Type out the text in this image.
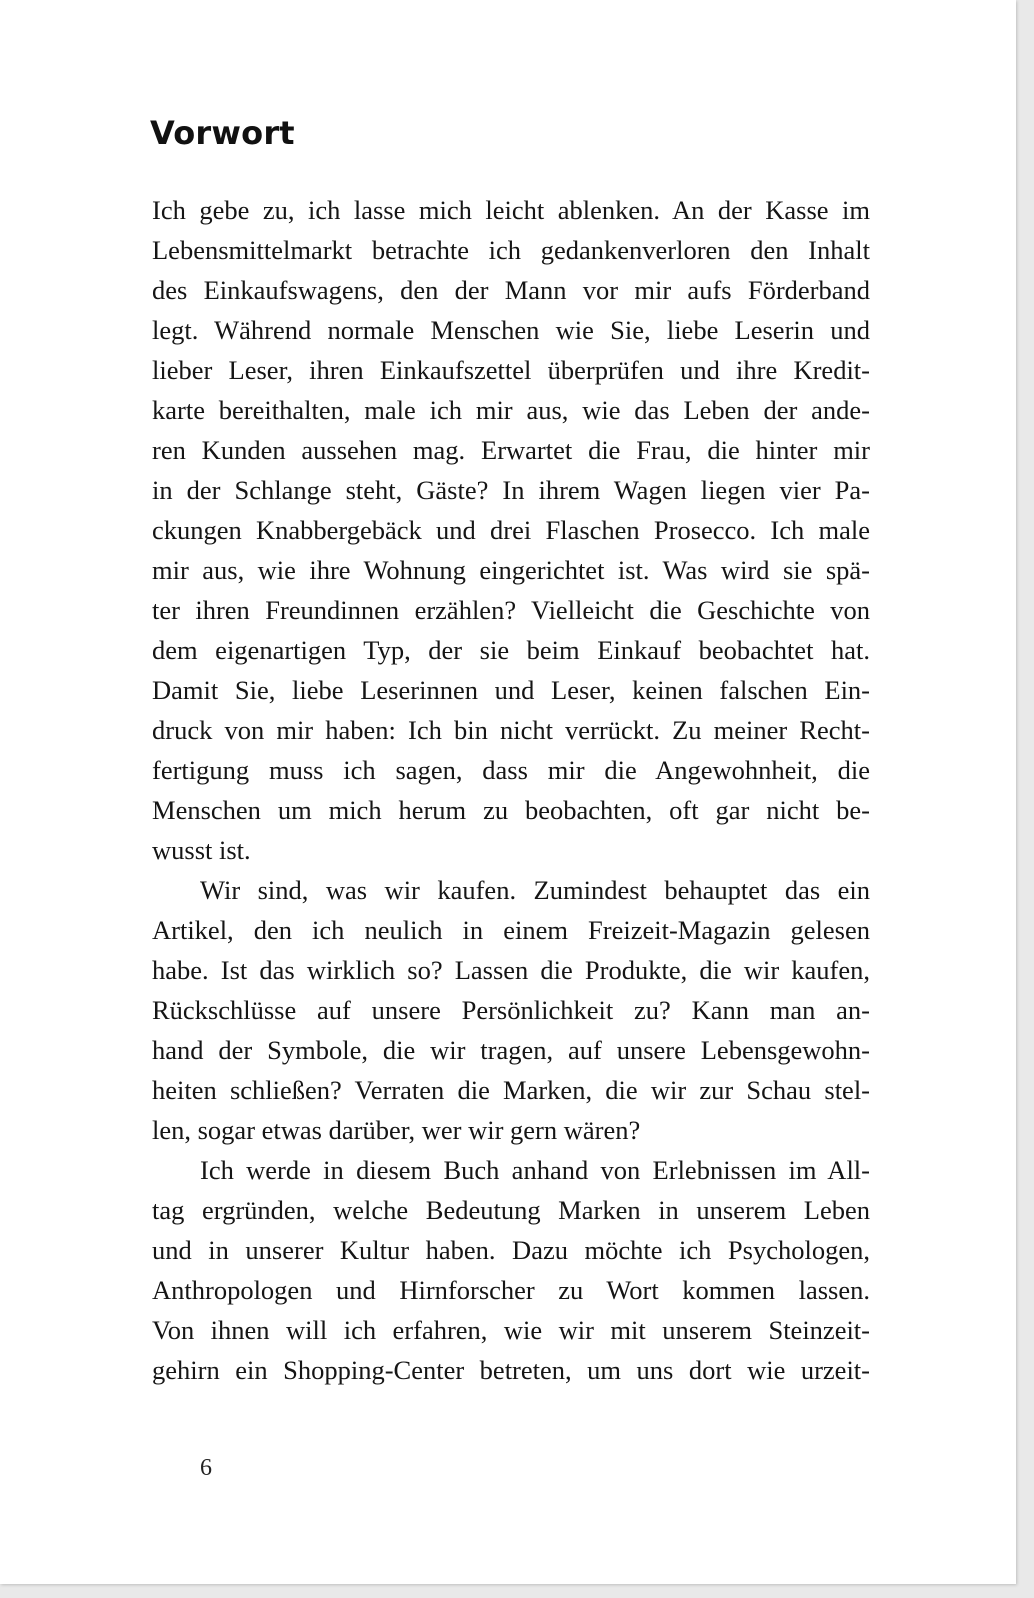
Vorwort
Ich gebe zu, ich lasse mich leicht ablenken. An der Kasse im
Lebensmittelmarkt betrachte ich gedankenverloren den Inhalt
des Einkaufswagens, den der Mann vor mir aufs Förderband
legt. Während normale Menschen wie Sie, liebe Leserin und
lieber Leser, ihren Einkaufszettel überprüfen und ihre Kredit-
karte bereithalten, male ich mir aus, wie das Leben der ande-
ren Kunden aussehen mag. Erwartet die Frau, die hinter mir
in der Schlange steht, Gäste? In ihrem Wagen liegen vier Pa-
ckungen Knabbergebäck und drei Flaschen Prosecco. Ich male
mir aus, wie ihre Wohnung eingerichtet ist. Was wird sie spä-
ter ihren Freundinnen erzählen? Vielleicht die Geschichte von
dem eigenartigen Typ, der sie beim Einkauf beobachtet hat.
Damit Sie, liebe Leserinnen und Leser, keinen falschen Ein-
druck von mir haben: Ich bin nicht verrückt. Zu meiner Recht-
fertigung muss ich sagen, dass mir die Angewohnheit, die
Menschen um mich herum zu beobachten, oft gar nicht be-
wusst ist.
Wir sind, was wir kaufen. Zumindest behauptet das ein
Artikel, den ich neulich in einem Freizeit-Magazin gelesen
habe. Ist das wirklich so? Lassen die Produkte, die wir kaufen,
Rückschlüsse auf unsere Persönlichkeit zu? Kann man an-
hand der Symbole, die wir tragen, auf unsere Lebensgewohn-
heiten schließen? Verraten die Marken, die wir zur Schau stel-
len, sogar etwas darüber, wer wir gern wären?
Ich werde in diesem Buch anhand von Erlebnissen im All-
tag ergründen, welche Bedeutung Marken in unserem Leben
und in unserer Kultur haben. Dazu möchte ich Psychologen,
Anthropologen und Hirnforscher zu Wort kommen lassen.
Von ihnen will ich erfahren, wie wir mit unserem Steinzeit-
gehirn ein Shopping-Center betreten, um uns dort wie urzeit-
6
